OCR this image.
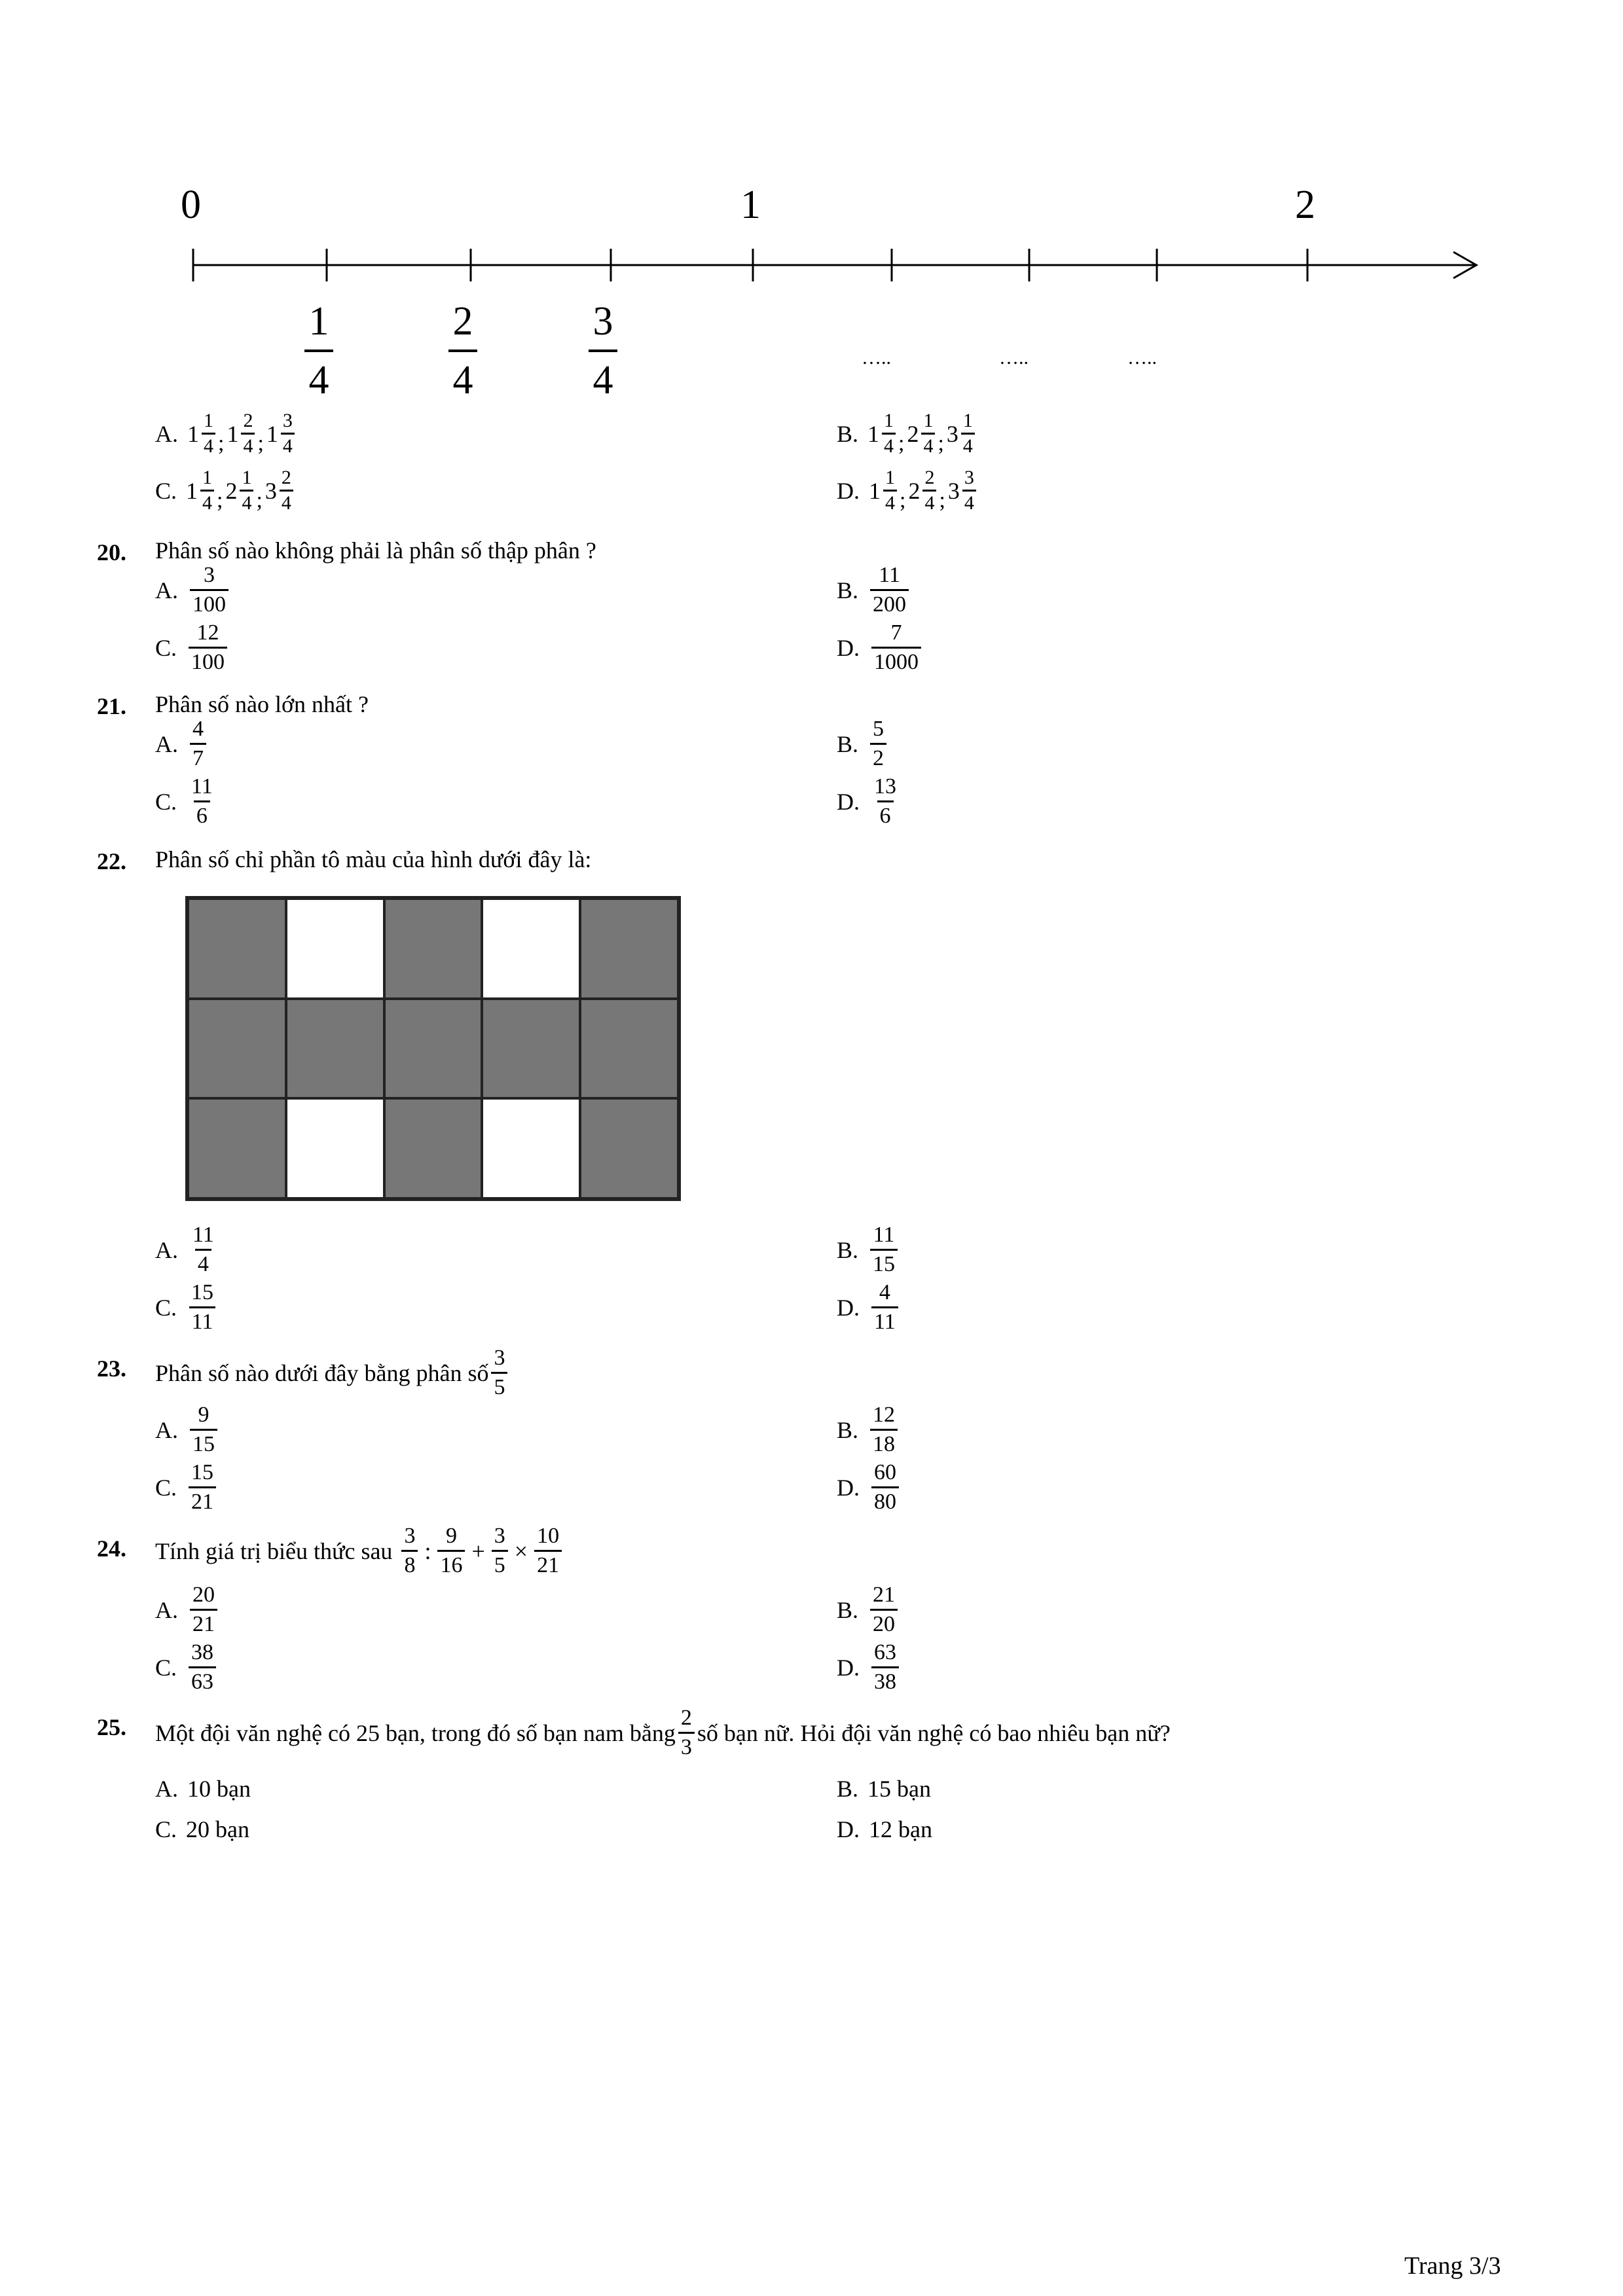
0	1	2
$\frac{1}{4}$	$\frac{2}{4}$	$\frac{3}{4}$	…..	…..	…..
A. 1 1
4 ; 1 2
4 ; 1 3
4	B. 1 1
4 ; 2 1
4 ; 3 1
4
C. 1 1
4 ; 2 1
4 ; 3 2
4	D. 1 1
4 ; 2 2
4 ; 3 3
4
20. Phân số nào không phải là phân số thập phân ?
A. $\frac{3}{100}$	B. $\frac{11}{200}$
C. $\frac{12}{100}$	D. $\frac{7}{1000}$
21. Phân số nào lớn nhất ?
A. $\frac{4}{7}$	B. $\frac{5}{2}$
C. $\frac{11}{6}$	D. $\frac{13}{6}$
22. Phân số chỉ phần tô màu của hình dưới đây là:
A. $\frac{11}{4}$	B. $\frac{11}{15}$
C. $\frac{15}{11}$	D. $\frac{4}{11}$
23. Phân số nào dưới đây bằng phân số $\frac{3}{5}$
A. $\frac{9}{15}$	B. $\frac{12}{18}$
C. $\frac{15}{21}$	D. $\frac{60}{80}$
24. Tính giá trị biểu thức sau $\frac{3}{8}$ : $\frac{9}{16} + \frac{3}{5} \times \frac{10}{21}$
A. $\frac{20}{21}$	B. $\frac{21}{20}$
C. $\frac{38}{63}$	D. $\frac{63}{38}$
25. Một đội văn nghệ có 25 bạn, trong đó số bạn nam bằng $\frac{2}{3}$ số bạn nữ. Hỏi đội văn nghệ có bao nhiêu bạn nữ?
A. 10 bạn	B. 15 bạn
C. 20 bạn	D. 12 bạn
Trang 3/3
